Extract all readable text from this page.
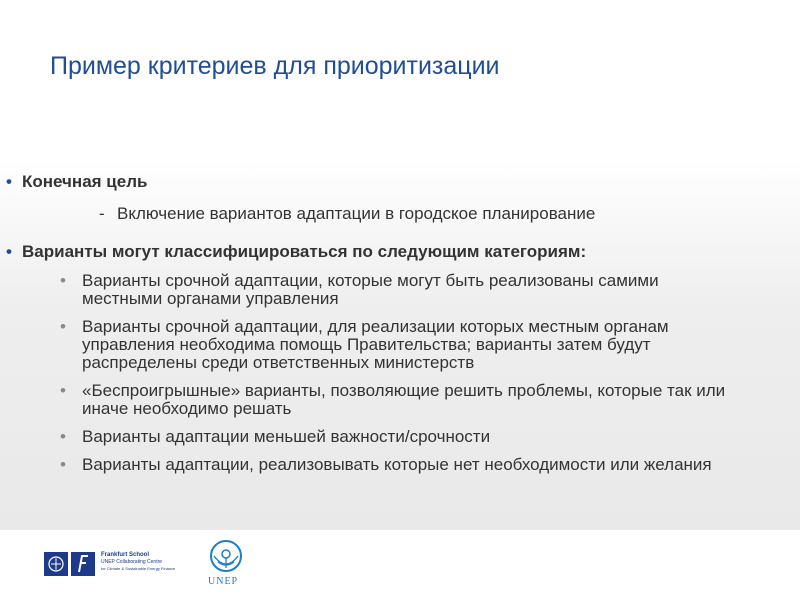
Пример критериев для приоритизации
• Конечная цель
- Включение вариантов адаптации в городское планирование
• Варианты могут классифицироваться по следующим категориям:
• Варианты срочной адаптации, которые могут быть реализованы самими местными органами управления
• Варианты срочной адаптации, для реализации которых местным органам управления необходима помощь Правительства; варианты затем будут распределены среди ответственных министерств
• «Беспроигрышные» варианты, позволяющие решить проблемы, которые так или иначе необходимо решать
• Варианты адаптации меньшей важности/срочности
• Варианты адаптации, реализовывать которые нет необходимости или желания
Frankfurt School
UNEP Collaborating Centre
for Climate & Sustainable Energy Finance
UNEP
